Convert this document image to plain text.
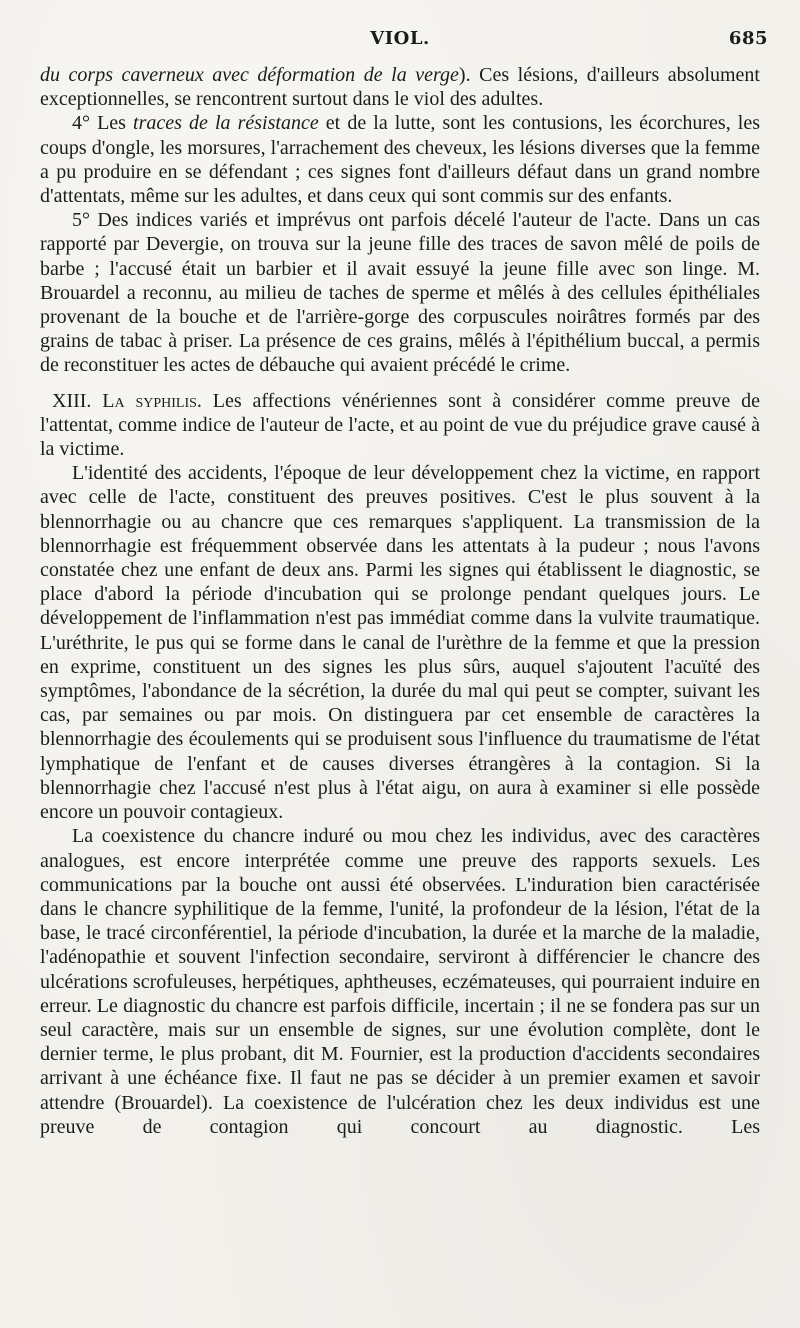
VIOL.	685

du corps caverneux avec déformation de la verge). Ces lésions, d'ailleurs absolument exceptionnelles, se rencontrent surtout dans le viol des adultes.

4° Les traces de la résistance et de la lutte, sont les contusions, les écorchures, les coups d'ongle, les morsures, l'arrachement des cheveux, les lésions diverses que la femme a pu produire en se défendant ; ces signes font d'ailleurs défaut dans un grand nombre d'attentats, même sur les adultes, et dans ceux qui sont commis sur des enfants.

5° Des indices variés et imprévus ont parfois décelé l'auteur de l'acte. Dans un cas rapporté par Devergie, on trouva sur la jeune fille des traces de savon mêlé de poils de barbe ; l'accusé était un barbier et il avait essuyé la jeune fille avec son linge. M. Brouardel a reconnu, au milieu de taches de sperme et mêlés à des cellules épithéliales provenant de la bouche et de l'arrière-gorge des corpuscules noirâtres formés par des grains de tabac à priser. La présence de ces grains, mêlés à l'épithélium buccal, a permis de reconstituer les actes de débauche qui avaient précédé le crime.

XIII. La syphilis. Les affections vénériennes sont à considérer comme preuve de l'attentat, comme indice de l'auteur de l'acte, et au point de vue du préjudice grave causé à la victime.

L'identité des accidents, l'époque de leur développement chez la victime, en rapport avec celle de l'acte, constituent des preuves positives. C'est le plus souvent à la blennorrhagie ou au chancre que ces remarques s'appliquent. La transmission de la blennorrhagie est fréquemment observée dans les attentats à la pudeur ; nous l'avons constatée chez une enfant de deux ans. Parmi les signes qui établissent le diagnostic, se place d'abord la période d'incubation qui se prolonge pendant quelques jours. Le développement de l'inflammation n'est pas immédiat comme dans la vulvite traumatique. L'uréthrite, le pus qui se forme dans le canal de l'urèthre de la femme et que la pression en exprime, constituent un des signes les plus sûrs, auquel s'ajoutent l'acuïté des symptômes, l'abondance de la sécrétion, la durée du mal qui peut se compter, suivant les cas, par semaines ou par mois. On distinguera par cet ensemble de caractères la blennorrhagie des écoulements qui se produisent sous l'influence du traumatisme de l'état lymphatique de l'enfant et de causes diverses étrangères à la contagion. Si la blennorrhagie chez l'accusé n'est plus à l'état aigu, on aura à examiner si elle possède encore un pouvoir contagieux.

La coexistence du chancre induré ou mou chez les individus, avec des caractères analogues, est encore interprétée comme une preuve des rapports sexuels. Les communications par la bouche ont aussi été observées. L'induration bien caractérisée dans le chancre syphilitique de la femme, l'unité, la profondeur de la lésion, l'état de la base, le tracé circonférentiel, la période d'incubation, la durée et la marche de la maladie, l'adénopathie et souvent l'infection secondaire, serviront à différencier le chancre des ulcérations scrofuleuses, herpétiques, aphtheuses, eczémateuses, qui pourraient induire en erreur. Le diagnostic du chancre est parfois difficile, incertain ; il ne se fondera pas sur un seul caractère, mais sur un ensemble de signes, sur une évolution complète, dont le dernier terme, le plus probant, dit M. Fournier, est la production d'accidents secondaires arrivant à une échéance fixe. Il faut ne pas se décider à un premier examen et savoir attendre (Brouardel). La coexistence de l'ulcération chez les deux individus est une preuve de contagion qui concourt au diagnostic. Les
